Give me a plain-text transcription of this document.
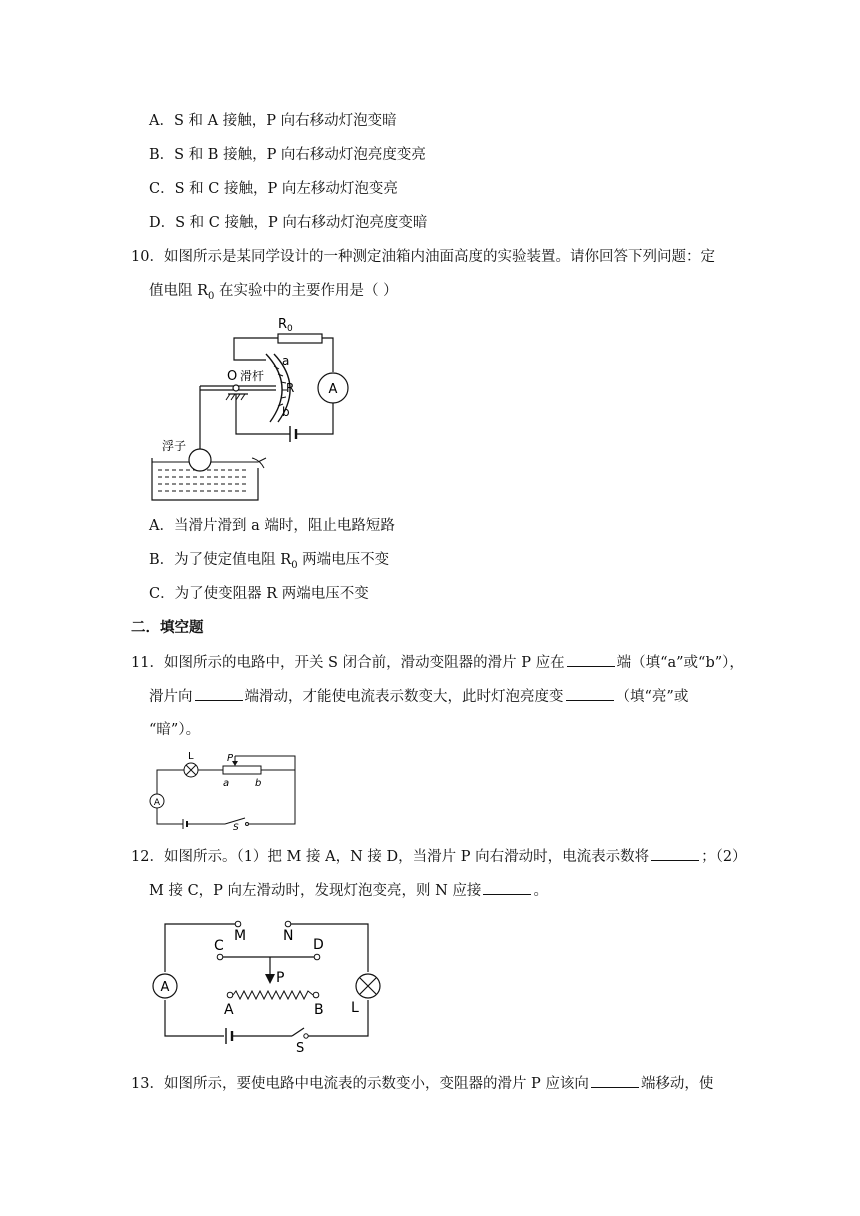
A．S 和 A 接触，P 向右移动灯泡变暗
B．S 和 B 接触，P 向右移动灯泡亮度变亮
C．S 和 C 接触，P 向左移动灯泡变亮
D．S 和 C 接触，P 向右移动灯泡亮度变暗
10．如图所示是某同学设计的一种测定油箱内油面高度的实验装置。请你回答下列问题：定
值电阻 $R_0$ 在实验中的主要作用是（ ）
$R_0$
A
a
R
b
O 滑杆
浮子
A．当滑片滑到 a 端时，阻止电路短路
B．为了使定值电阻 $R_0$ 两端电压不变
C．为了使变阻器 R 两端电压不变
二．填空题
11．如图所示的电路中，开关 S 闭合前，滑动变阻器的滑片 P 应在	端（填“a”或“b”），
滑片向	端滑动，才能使电流表示数变大，此时灯泡亮度变	（填“亮”或
“暗”）。
L	P
a	b
A
S
12．如图所示。（1）把 M 接 A，N 接 D，当滑片 P 向右滑动时，电流表示数将	；（2）
M 接 C，P 向左滑动时，发现灯泡变亮，则 N 应接	。
M	N
A
L
C	D
P
A	B
S
13．如图所示，要使电路中电流表的示数变小，变阻器的滑片 P 应该向	端移动，使
